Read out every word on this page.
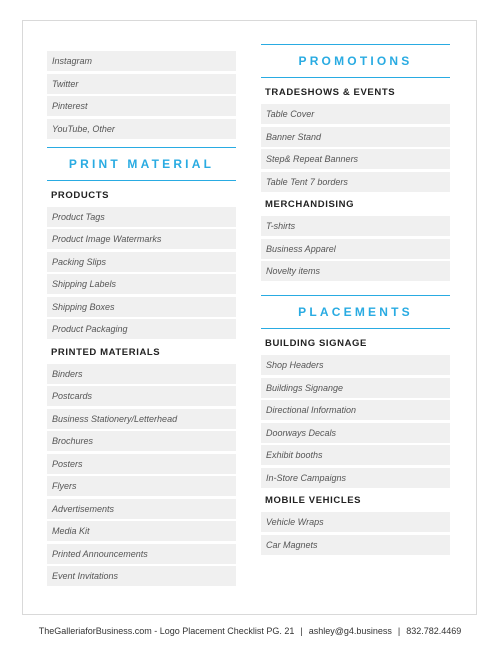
Instagram
Twitter
Pinterest
YouTube, Other
PRINT MATERIAL
PRODUCTS
Product Tags
Product Image Watermarks
Packing Slips
Shipping Labels
Shipping Boxes
Product Packaging
PRINTED MATERIALS
Binders
Postcards
Business Stationery/Letterhead
Brochures
Posters
Flyers
Advertisements
Media Kit
Printed Announcements
Event Invitations
PROMOTIONS
TRADESHOWS & EVENTS
Table Cover
Banner Stand
Step& Repeat Banners
Table Tent 7 borders
MERCHANDISING
T-shirts
Business Apparel
Novelty items
PLACEMENTS
BUILDING SIGNAGE
Shop Headers
Buildings Signange
Directional Information
Doorways Decals
Exhibit booths
In-Store Campaigns
MOBILE VEHICLES
Vehicle Wraps
Car Magnets
TheGalleriaforBusiness.com - Logo Placement Checklist PG. 21 | ashley@g4.business | 832.782.4469
